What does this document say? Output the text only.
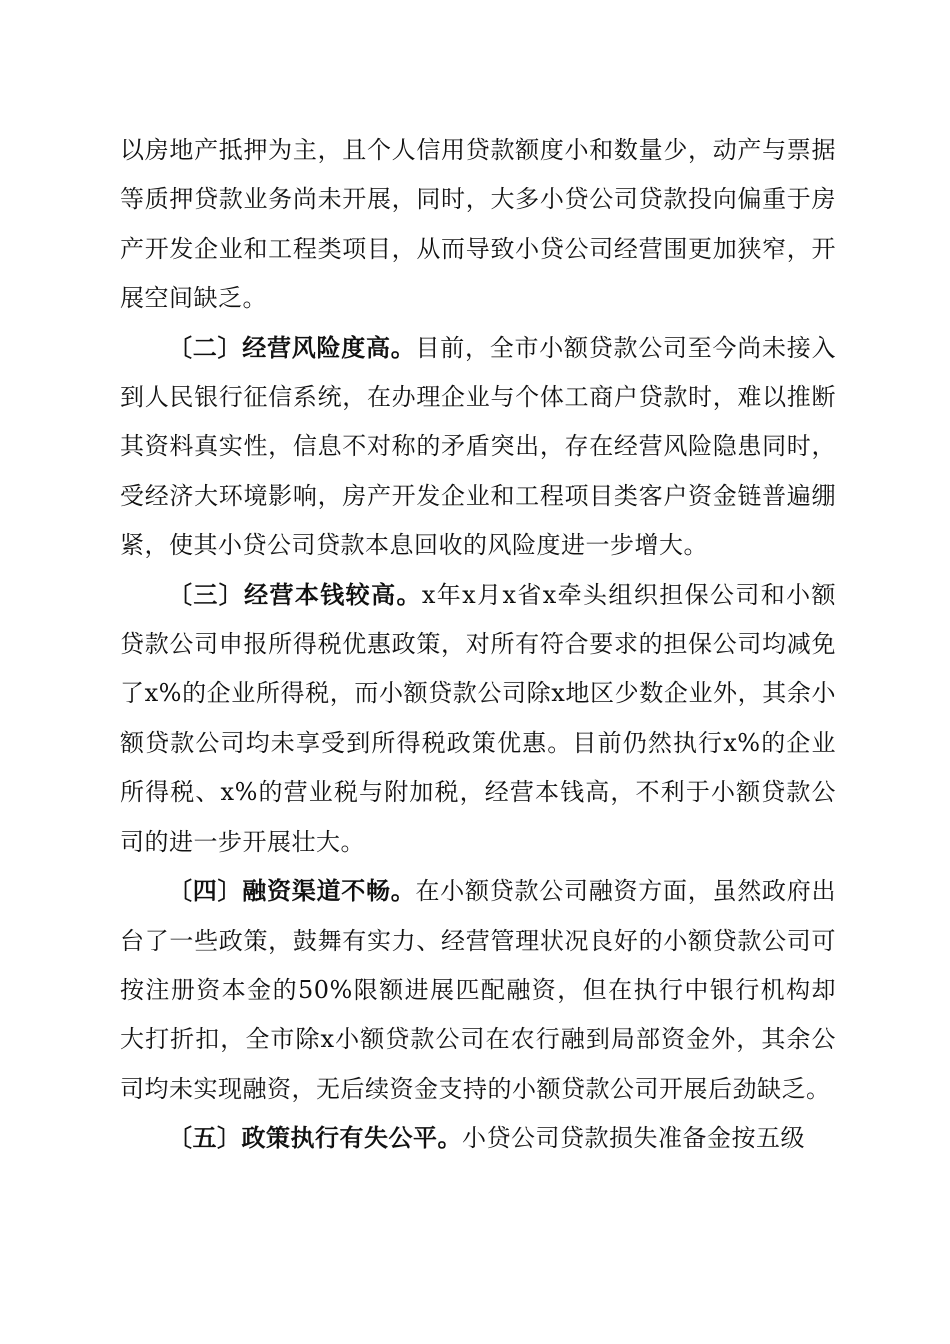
以房地产抵押为主，且个人信用贷款额度小和数量少，动产与票据等质押贷款业务尚未开展，同时，大多小贷公司贷款投向偏重于房产开发企业和工程类项目，从而导致小贷公司经营围更加狭窄，开展空间缺乏。

〔二〕经营风险度高。目前，全市小额贷款公司至今尚未接入到人民银行征信系统，在办理企业与个体工商户贷款时，难以推断其资料真实性，信息不对称的矛盾突出，存在经营风险隐患同时，受经济大环境影响，房产开发企业和工程项目类客户资金链普遍绷紧，使其小贷公司贷款本息回收的风险度进一步增大。

〔三〕经营本钱较高。x年x月x省x牵头组织担保公司和小额贷款公司申报所得税优惠政策，对所有符合要求的担保公司均减免了x%的企业所得税，而小额贷款公司除x地区少数企业外，其余小额贷款公司均未享受到所得税政策优惠。目前仍然执行x%的企业所得税、x%的营业税与附加税，经营本钱高，不利于小额贷款公司的进一步开展壮大。

〔四〕融资渠道不畅。在小额贷款公司融资方面，虽然政府出台了一些政策，鼓舞有实力、经营管理状况良好的小额贷款公司可按注册资本金的50%限额进展匹配融资，但在执行中银行机构却大打折扣，全市除x小额贷款公司在农行融到局部资金外，其余公司均未实现融资，无后续资金支持的小额贷款公司开展后劲缺乏。

〔五〕政策执行有失公平。小贷公司贷款损失准备金按五级
